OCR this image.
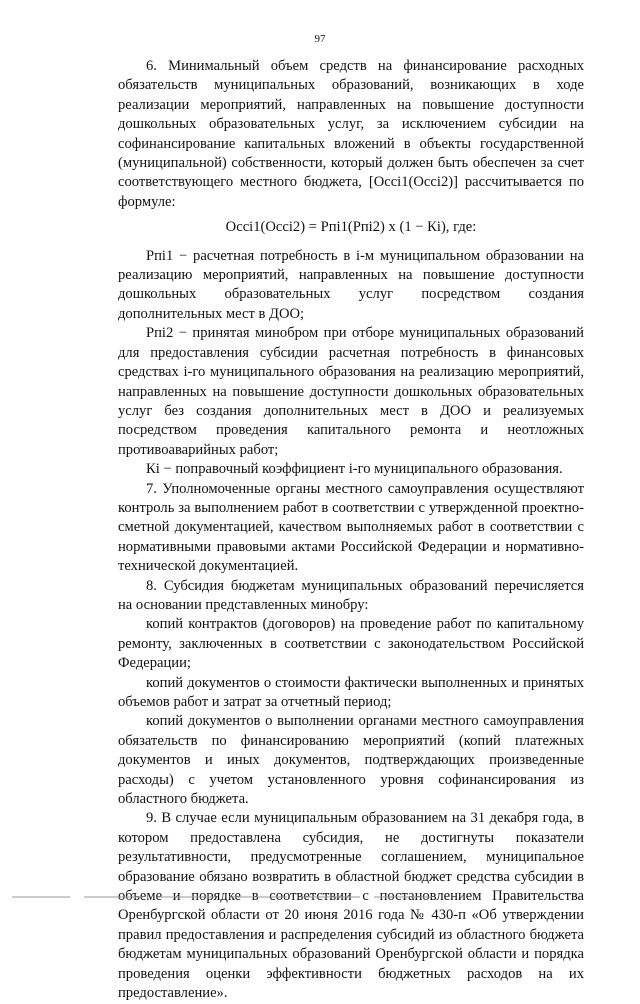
97

6. Минимальный объем средств на финансирование расходных обязательств муниципальных образований, возникающих в ходе реализации мероприятий, направленных на повышение доступности дошкольных образовательных услуг, за исключением субсидии на софинансирование капитальных вложений в объекты государственной (муниципальной) собственности, который должен быть обеспечен за счет соответствующего местного бюджета, [Occi1(Occi2)] рассчитывается по формуле:

Occi1(Occi2) = Рпi1(Рпi2) x (1 − Кi), где:

Рпi1 − расчетная потребность в i-м муниципальном образовании на реализацию мероприятий, направленных на повышение доступности дошкольных образовательных услуг посредством создания дополнительных мест в ДОО;

Рпi2 − принятая минобром при отборе муниципальных образований для предоставления субсидии расчетная потребность в финансовых средствах i-го муниципального образования на реализацию мероприятий, направленных на повышение доступности дошкольных образовательных услуг без создания дополнительных мест в ДОО и реализуемых посредством проведения капитального ремонта и неотложных противоаварийных работ;

Кi − поправочный коэффициент i-го муниципального образования.

7. Уполномоченные органы местного самоуправления осуществляют контроль за выполнением работ в соответствии с утвержденной проектно-сметной документацией, качеством выполняемых работ в соответствии с нормативными правовыми актами Российской Федерации и нормативно-технической документацией.

8. Субсидия бюджетам муниципальных образований перечисляется на основании представленных минобру:

копий контрактов (договоров) на проведение работ по капитальному ремонту, заключенных в соответствии с законодательством Российской Федерации;

копий документов о стоимости фактически выполненных и принятых объемов работ и затрат за отчетный период;

копий документов о выполнении органами местного самоуправления обязательств по финансированию мероприятий (копий платежных документов и иных документов, подтверждающих произведенные расходы) с учетом установленного уровня софинансирования из областного бюджета.

9. В случае если муниципальным образованием на 31 декабря года, в котором предоставлена субсидия, не достигнуты показатели результативности, предусмотренные соглашением, муниципальное образование обязано возвратить в областной бюджет средства субсидии в объеме и порядке в соответствии с постановлением Правительства Оренбургской области от 20 июня 2016 года № 430-п «Об утверждении правил предоставления и распределения субсидий из областного бюджета бюджетам муниципальных образований Оренбургской области и порядка проведения оценки эффективности бюджетных расходов на их предоставление».
